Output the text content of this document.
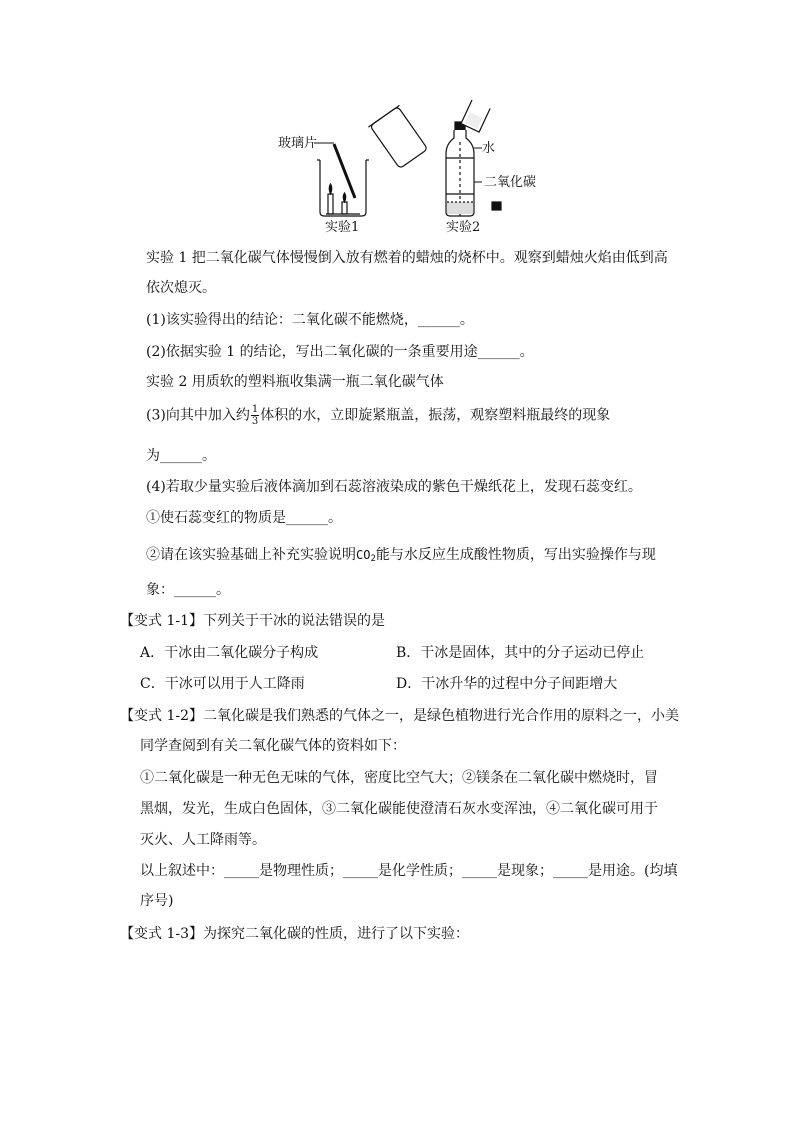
玻璃片
实验1
水
二氧化碳
实验2
实验 1 把二氧化碳气体慢慢倒入放有燃着的蜡烛的烧杯中。观察到蜡烛火焰由低到高
依次熄灭。
(1)该实验得出的结论：二氧化碳不能燃烧，______。
(2)依据实验 1 的结论，写出二氧化碳的一条重要用途______。
实验 2 用质软的塑料瓶收集满一瓶二氧化碳气体
(3)向其中加入约 $\frac{1}{3}$ 体积的水，立即旋紧瓶盖，振荡，观察塑料瓶最终的现象
为______。
(4)若取少量实验后液体滴加到石蕊溶液染成的紫色干燥纸花上，发现石蕊变红。
①使石蕊变红的物质是______。
②请在该实验基础上补充实验说明$CO_2$能与水反应生成酸性物质，写出实验操作与现
象：______。
【变式 1-1】下列关于干冰的说法错误的是
A．干冰由二氧化碳分子构成	B．干冰是固体，其中的分子运动已停止
C．干冰可以用于人工降雨	D．干冰升华的过程中分子间距增大
【变式 1-2】二氧化碳是我们熟悉的气体之一，是绿色植物进行光合作用的原料之一，小美
同学查阅到有关二氧化碳气体的资料如下：
①二氧化碳是一种无色无味的气体，密度比空气大；②镁条在二氧化碳中燃烧时，冒
黑烟，发光，生成白色固体，③二氧化碳能使澄清石灰水变浑浊，④二氧化碳可用于
灭火、人工降雨等。
以上叙述中：_____是物理性质；_____是化学性质；_____是现象；_____是用途。(均填
序号)
【变式 1-3】为探究二氧化碳的性质，进行了以下实验：
